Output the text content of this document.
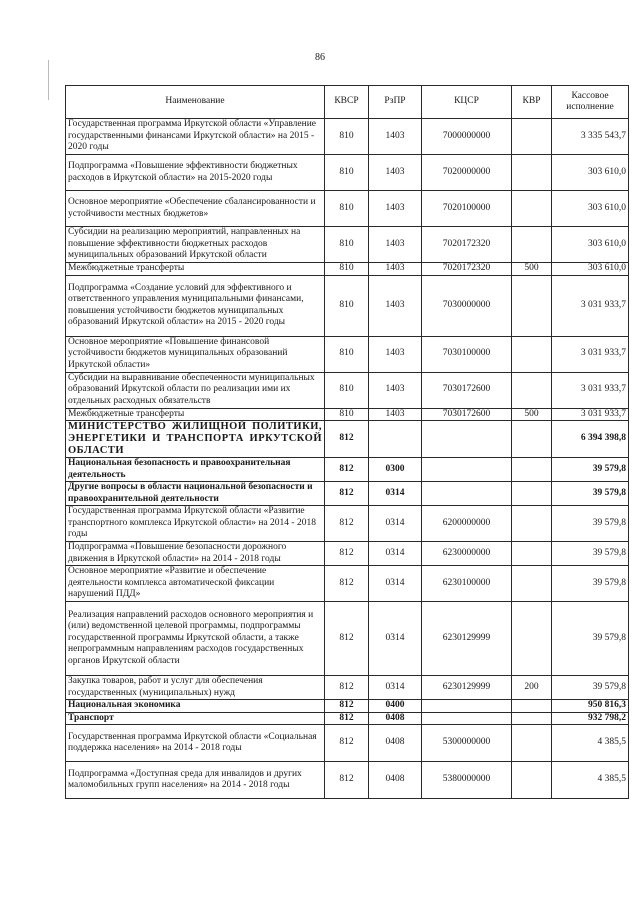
86
Наименование	КВСР	РзПР	КЦСР	КВР	Кассовое исполнение
Государственная программа Иркутской области «Управление государственными финансами Иркутской области» на 2015 - 2020 годы	810	1403	7000000000		3 335 543,7
Подпрограмма «Повышение эффективности бюджетных расходов в Иркутской области» на 2015-2020 годы	810	1403	7020000000		303 610,0
Основное мероприятие «Обеспечение сбалансированности и устойчивости местных бюджетов»	810	1403	7020100000		303 610,0
Субсидии на реализацию мероприятий, направленных на повышение эффективности бюджетных расходов муниципальных образований Иркутской области	810	1403	7020172320		303 610,0
Межбюджетные трансферты	810	1403	7020172320	500	303 610,0
Подпрограмма «Создание условий для эффективного и ответственного управления муниципальными финансами, повышения устойчивости бюджетов муниципальных образований Иркутской области» на 2015 - 2020 годы	810	1403	7030000000		3 031 933,7
Основное мероприятие «Повышение финансовой устойчивости бюджетов муниципальных образований Иркутской области»	810	1403	7030100000		3 031 933,7
Субсидии на выравнивание обеспеченности муниципальных образований Иркутской области по реализации ими их отдельных расходных обязательств	810	1403	7030172600		3 031 933,7
Межбюджетные трансферты	810	1403	7030172600	500	3 031 933,7
МИНИСТЕРСТВО ЖИЛИЩНОЙ ПОЛИТИКИ, ЭНЕРГЕТИКИ И ТРАНСПОРТА ИРКУТСКОЙ ОБЛАСТИ	812				6 394 398,8
Национальная безопасность и правоохранительная деятельность	812	0300			39 579,8
Другие вопросы в области национальной безопасности и правоохранительной деятельности	812	0314			39 579,8
Государственная программа Иркутской области «Развитие транспортного комплекса Иркутской области» на 2014 - 2018 годы	812	0314	6200000000		39 579,8
Подпрограмма «Повышение безопасности дорожного движения в Иркутской области» на 2014 - 2018 годы	812	0314	6230000000		39 579,8
Основное мероприятие «Развитие и обеспечение деятельности комплекса автоматической фиксации нарушений ПДД»	812	0314	6230100000		39 579,8
Реализация направлений расходов основного мероприятия и (или) ведомственной целевой программы, подпрограммы государственной программы Иркутской области, а также непрограммным направлениям расходов государственных органов Иркутской области	812	0314	6230129999		39 579,8
Закупка товаров, работ и услуг для обеспечения государственных (муниципальных) нужд	812	0314	6230129999	200	39 579,8
Национальная экономика	812	0400			950 816,3
Транспорт	812	0408			932 798,2
Государственная программа Иркутской области «Социальная поддержка населения» на 2014 - 2018 годы	812	0408	5300000000		4 385,5
Подпрограмма «Доступная среда для инвалидов и других маломобильных групп населения» на 2014 - 2018 годы	812	0408	5380000000		4 385,5
